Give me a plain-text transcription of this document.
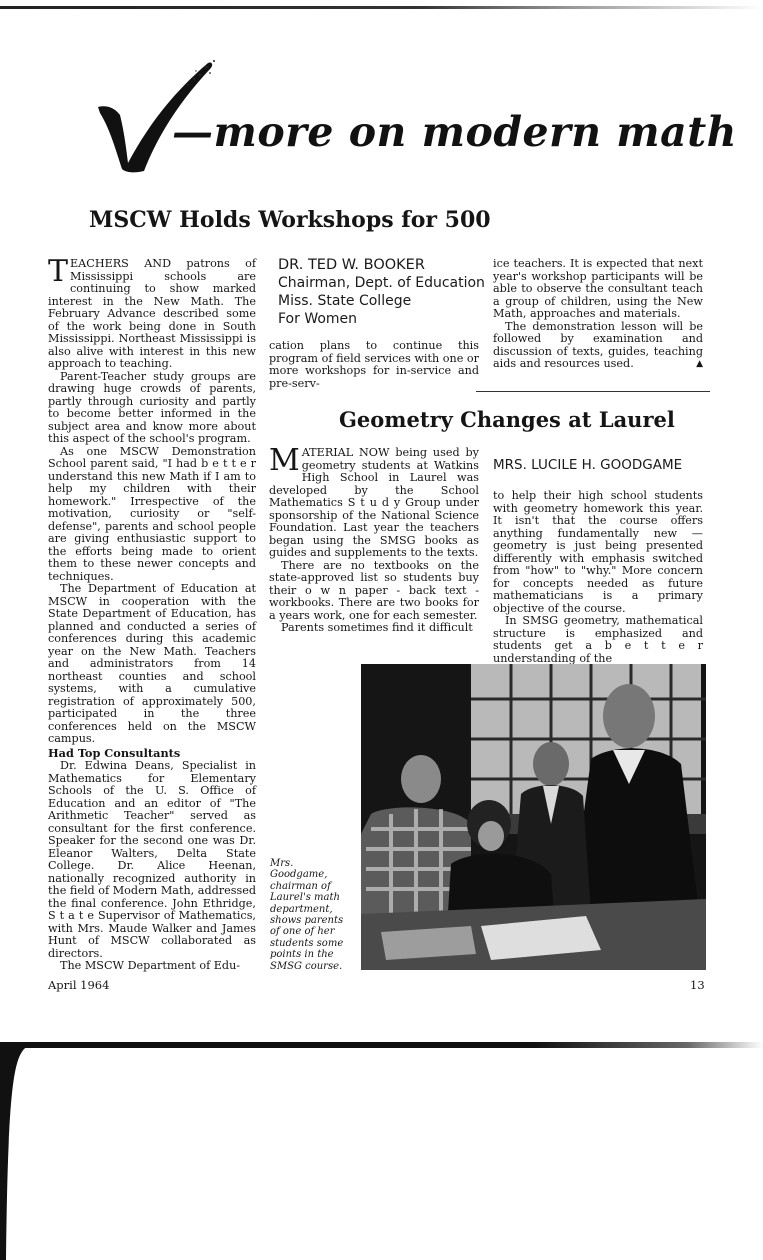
—more on modern math
MSCW Holds Workshops for 500

TEACHERS AND patrons of Mississippi schools are continuing to show marked interest in the New Math. The February Advance described some of the work being done in South Mississippi. Northeast Mississippi is also alive with interest in this new approach to teaching.

Parent-Teacher study groups are drawing huge crowds of parents, partly through curiosity and partly to become better informed in the subject area and know more about this aspect of the school's program.

As one MSCW Demonstration School parent said, "I had b e t t e r understand this new Math if I am to help my children with their homework." Irrespective of the motivation, curiosity or "self-defense", parents and school people are giving enthusiastic support to the efforts being made to orient them to these newer concepts and techniques.

The Department of Education at MSCW in cooperation with the State Department of Education, has planned and conducted a series of conferences during this academic year on the New Math. Teachers and administrators from 14 northeast counties and school systems, with a cumulative registration of approximately 500, participated in the three conferences held on the MSCW campus.

Had Top Consultants

Dr. Edwina Deans, Specialist in Mathematics for Elementary Schools of the U. S. Office of Education and an editor of "The Arithmetic Teacher" served as consultant for the first conference. Speaker for the second one was Dr. Eleanor Walters, Delta State College. Dr. Alice Heenan, nationally recognized authority in the field of Modern Math, addressed the final conference. John Ethridge, S t a t e Supervisor of Mathematics, with Mrs. Maude Walker and James Hunt of MSCW collaborated as directors.

The MSCW Department of Edu-

DR. TED W. BOOKER
Chairman, Dept. of Education
Miss. State College
For Women

cation plans to continue this program of field services with one or more workshops for in-service and pre-serv-

ice teachers. It is expected that next year's workshop participants will be able to observe the consultant teach a group of children, using the New Math, approaches and materials.

The demonstration lesson will be followed by examination and discussion of texts, guides, teaching aids and resources used.	▲

Geometry Changes at Laurel

MATERIAL NOW being used by geometry students at Watkins High School in Laurel was developed by the School Mathematics S t u d y Group under sponsorship of the National Science Foundation. Last year the teachers began using the SMSG books as guides and supplements to the texts.

There are no textbooks on the state-approved list so students buy their o w n paper - back text - workbooks. There are two books for a years work, one for each semester.

Parents sometimes find it difficult

MRS. LUCILE H. GOODGAME

to help their high school students with geometry homework this year. It isn't that the course offers anything fundamentally new — geometry is just being presented differently with emphasis switched from "how" to "why." More concern for concepts needed as future mathematicians is a primary objective of the course.

In SMSG geometry, mathematical structure is emphasized and students get a b e t t e r understanding of the

Mrs. Goodgame, chairman of Laurel's math department, shows parents of one of her students some points in the SMSG course.
April 1964	13
